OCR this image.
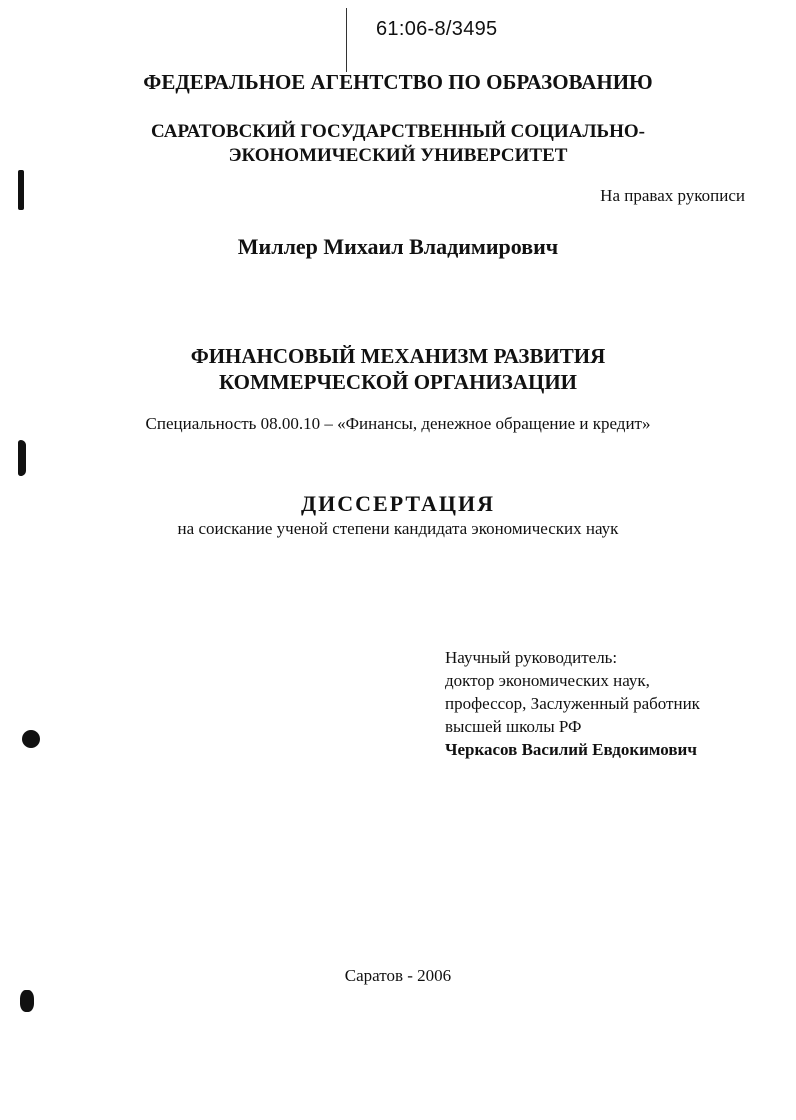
61:06-8/3495
ФЕДЕРАЛЬНОЕ АГЕНТСТВО ПО ОБРАЗОВАНИЮ
САРАТОВСКИЙ ГОСУДАРСТВЕННЫЙ СОЦИАЛЬНО-
ЭКОНОМИЧЕСКИЙ УНИВЕРСИТЕТ
На правах рукописи
Миллер Михаил Владимирович
ФИНАНСОВЫЙ МЕХАНИЗМ РАЗВИТИЯ
КОММЕРЧЕСКОЙ ОРГАНИЗАЦИИ
Специальность 08.00.10 – «Финансы, денежное обращение и кредит»
ДИССЕРТАЦИЯ
на соискание ученой степени кандидата экономических наук
Научный руководитель:
доктор экономических наук,
профессор, Заслуженный работник
высшей школы РФ
Черкасов Василий Евдокимович
Саратов - 2006
